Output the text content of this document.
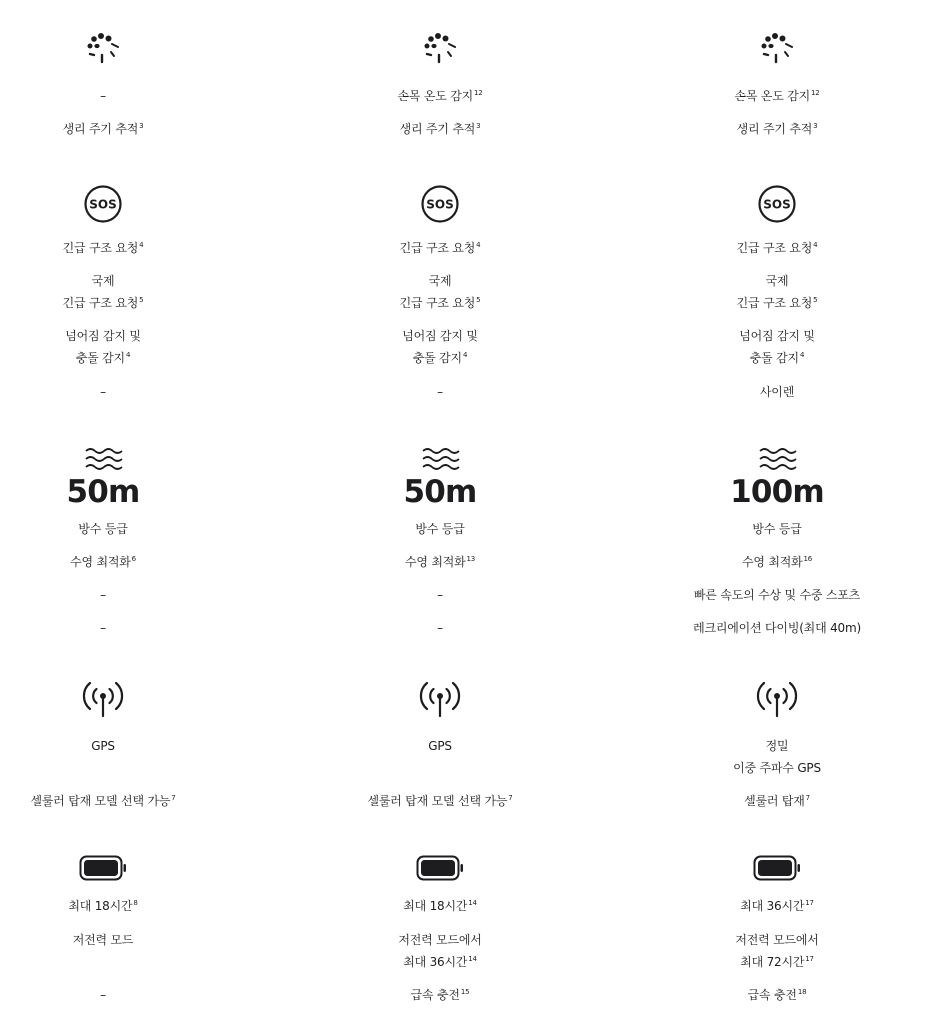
–
생리 주기 추적$^3$
SOS
긴급 구조 요청$^4$
국제
긴급 구조 요청$^5$
넘어짐 감지 및
충돌 감지$^4$
–
50m
방수 등급
수영 최적화$^6$
–
–
GPS
셀룰러 탑재 모델 선택 가능$^7$
최대 18시간$^8$
저전력 모드
–
손목 온도 감지$^{12}$
생리 주기 추적$^3$
SOS
긴급 구조 요청$^4$
국제
긴급 구조 요청$^5$
넘어짐 감지 및
충돌 감지$^4$
–
50m
방수 등급
수영 최적화$^{13}$
–
–
GPS
셀룰러 탑재 모델 선택 가능$^7$
최대 18시간$^{14}$
저전력 모드에서
최대 36시간$^{14}$
급속 충전$^{15}$
손목 온도 감지$^{12}$
생리 주기 추적$^3$
SOS
긴급 구조 요청$^4$
국제
긴급 구조 요청$^5$
넘어짐 감지 및
충돌 감지$^4$
사이렌
100m
방수 등급
수영 최적화$^{16}$
빠른 속도의 수상 및 수중 스포츠
레크리에이션 다이빙(최대 40m)
정밀
이중 주파수 GPS
셀룰러 탑재$^7$
최대 36시간$^{17}$
저전력 모드에서
최대 72시간$^{17}$
급속 충전$^{18}$
